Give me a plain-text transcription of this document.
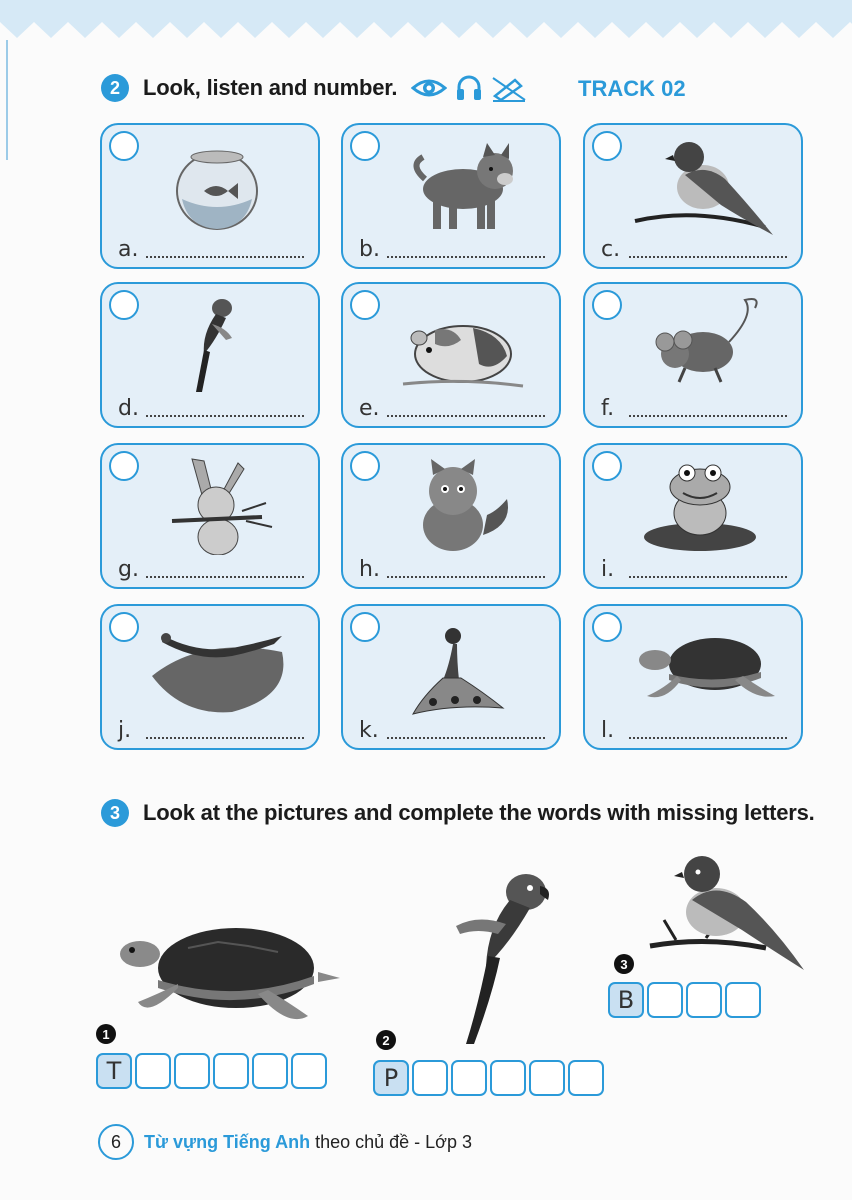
2	Look, listen and number.	TRACK 02
a.	b.	c.
d.	e.	f.
g.	h.	i.
j.	k.	l.
3	Look at the pictures and complete the words with missing letters.
1
T
2
P
3
B
6	Từ vựng Tiếng Anh theo chủ đề - Lớp 3
